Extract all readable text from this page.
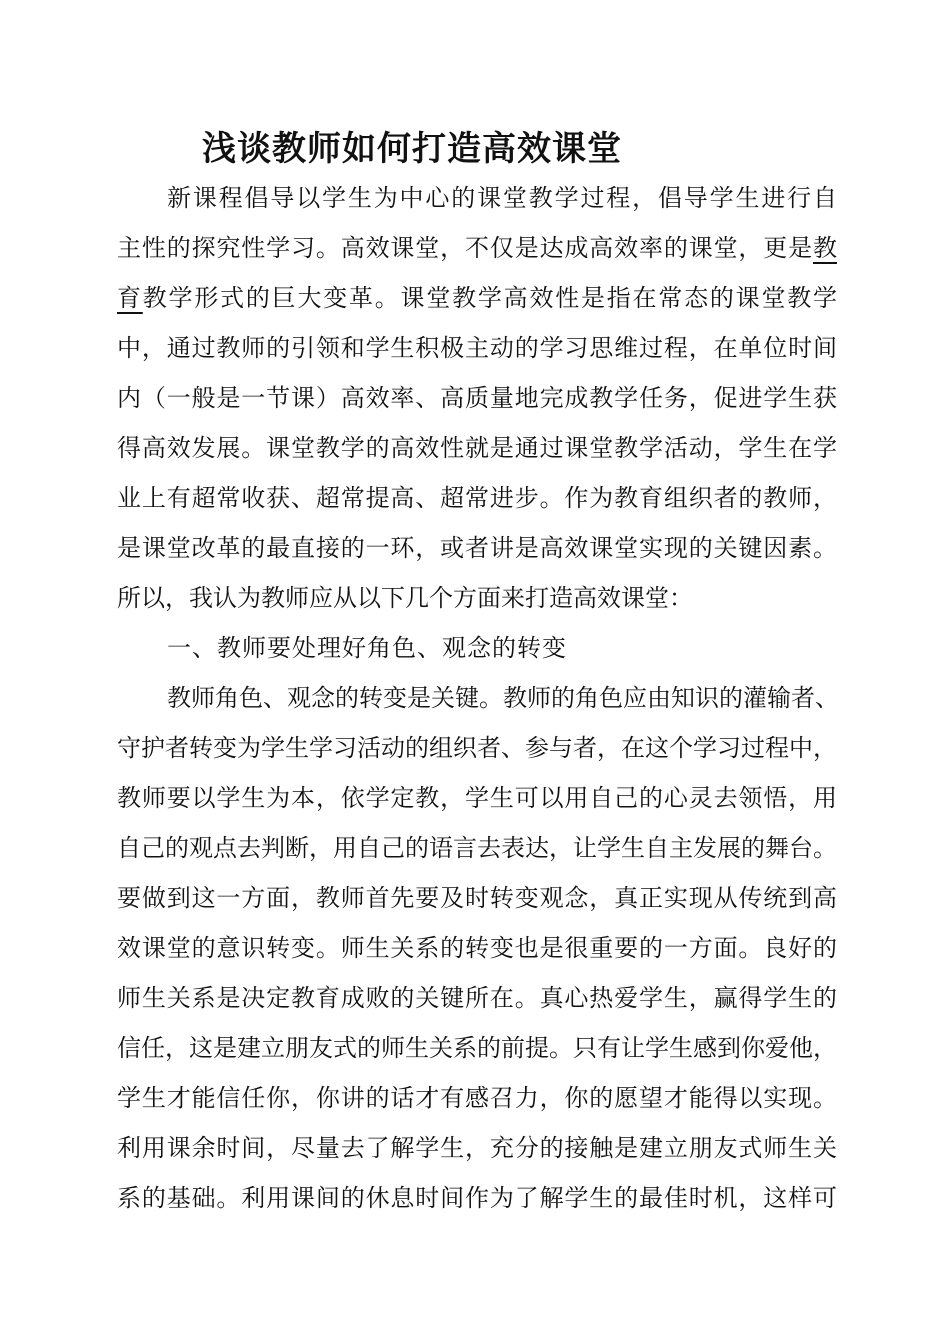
浅谈教师如何打造高效课堂
新课程倡导以学生为中心的课堂教学过程，倡导学生进行自
主性的探究性学习。高效课堂，不仅是达成高效率的课堂，更是教
育教学形式的巨大变革。课堂教学高效性是指在常态的课堂教学
中，通过教师的引领和学生积极主动的学习思维过程，在单位时间
内（一般是一节课）高效率、高质量地完成教学任务，促进学生获
得高效发展。课堂教学的高效性就是通过课堂教学活动，学生在学
业上有超常收获、超常提高、超常进步。作为教育组织者的教师，
是课堂改革的最直接的一环，或者讲是高效课堂实现的关键因素。
所以，我认为教师应从以下几个方面来打造高效课堂：
一、教师要处理好角色、观念的转变
教师角色、观念的转变是关键。教师的角色应由知识的灌输者、
守护者转变为学生学习活动的组织者、参与者，在这个学习过程中，
教师要以学生为本，依学定教，学生可以用自己的心灵去领悟，用
自己的观点去判断，用自己的语言去表达，让学生自主发展的舞台。
要做到这一方面，教师首先要及时转变观念，真正实现从传统到高
效课堂的意识转变。师生关系的转变也是很重要的一方面。良好的
师生关系是决定教育成败的关键所在。真心热爱学生，赢得学生的
信任，这是建立朋友式的师生关系的前提。只有让学生感到你爱他，
学生才能信任你，你讲的话才有感召力，你的愿望才能得以实现。
利用课余时间，尽量去了解学生，充分的接触是建立朋友式师生关
系的基础。利用课间的休息时间作为了解学生的最佳时机，这样可
